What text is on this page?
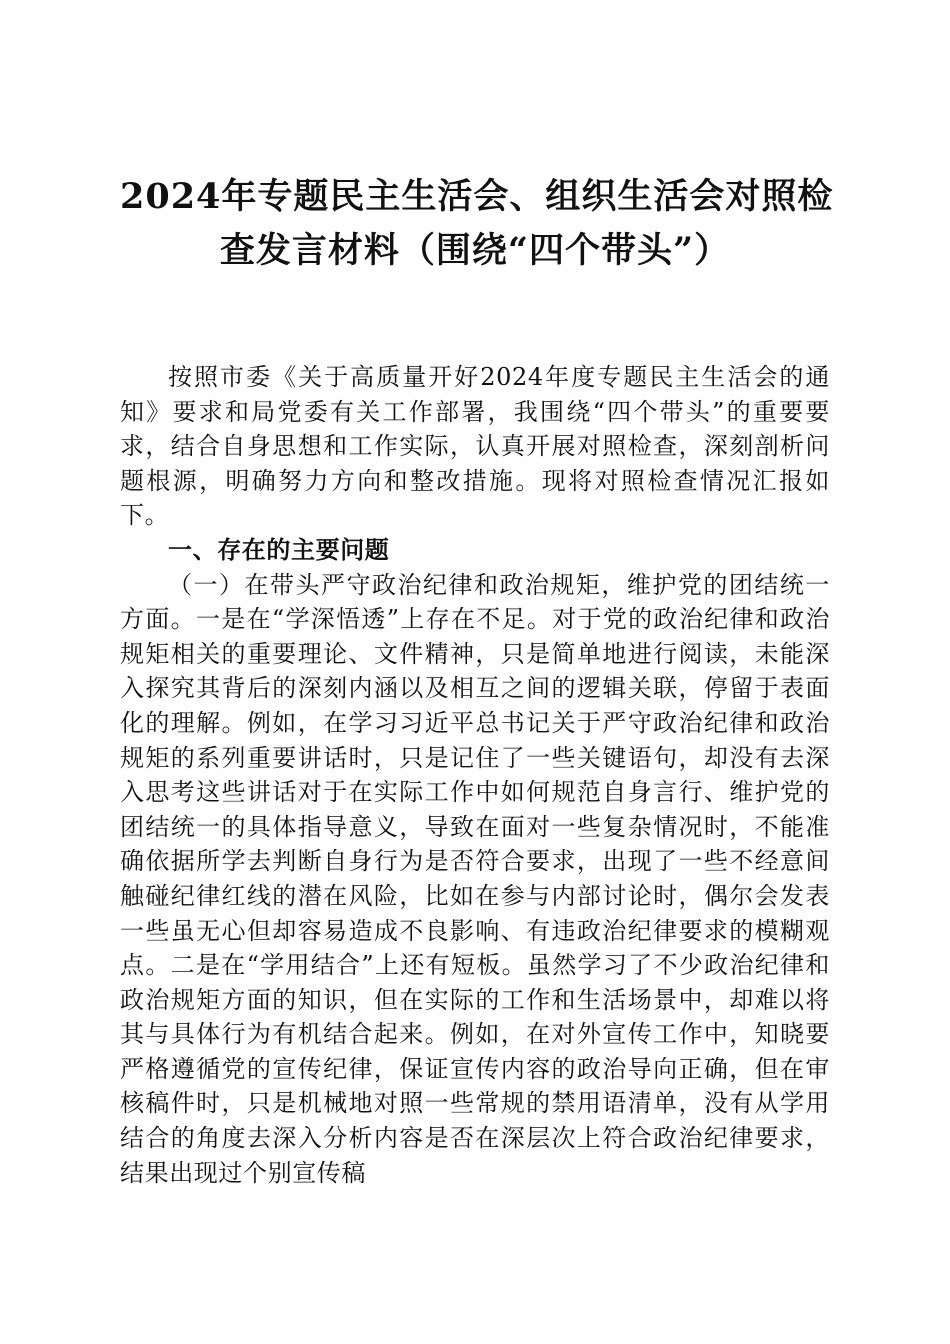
2024年专题民主生活会、组织生活会对照检
查发言材料（围绕“四个带头”）

按照市委《关于高质量开好2024年度专题民主生活会的通知》要求和局党委有关工作部署，我围绕“四个带头”的重要要求，结合自身思想和工作实际，认真开展对照检查，深刻剖析问题根源，明确努力方向和整改措施。现将对照检查情况汇报如下。

一、存在的主要问题

（一）在带头严守政治纪律和政治规矩，维护党的团结统一方面。一是在“学深悟透”上存在不足。对于党的政治纪律和政治规矩相关的重要理论、文件精神，只是简单地进行阅读，未能深入探究其背后的深刻内涵以及相互之间的逻辑关联，停留于表面化的理解。例如，在学习习近平总书记关于严守政治纪律和政治规矩的系列重要讲话时，只是记住了一些关键语句，却没有去深入思考这些讲话对于在实际工作中如何规范自身言行、维护党的团结统一的具体指导意义，导致在面对一些复杂情况时，不能准确依据所学去判断自身行为是否符合要求，出现了一些不经意间触碰纪律红线的潜在风险，比如在参与内部讨论时，偶尔会发表一些虽无心但却容易造成不良影响、有违政治纪律要求的模糊观点。二是在“学用结合”上还有短板。虽然学习了不少政治纪律和政治规矩方面的知识，但在实际的工作和生活场景中，却难以将其与具体行为有机结合起来。例如，在对外宣传工作中，知晓要严格遵循党的宣传纪律，保证宣传内容的政治导向正确，但在审核稿件时，只是机械地对照一些常规的禁用语清单，没有从学用结合的角度去深入分析内容是否在深层次上符合政治纪律要求，结果出现过个别宣传稿
